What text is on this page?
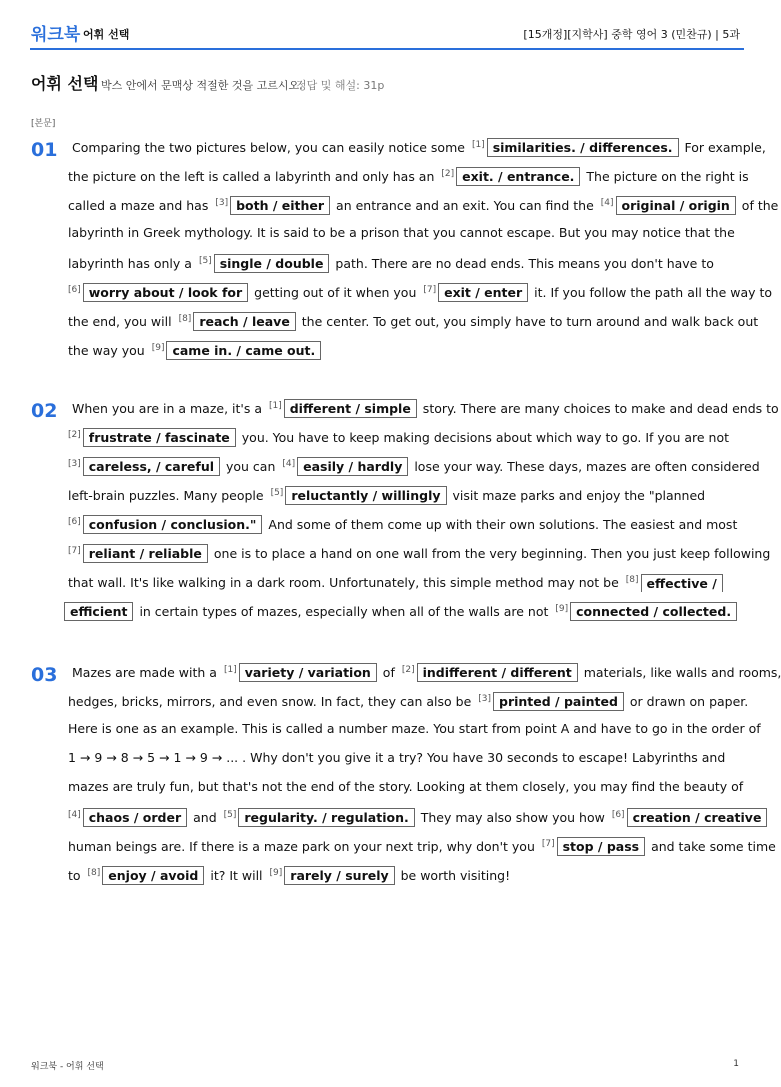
워크북 어휘 선택	[15개정][지학사] 중학 영어 3 (민찬규) | 5과
어휘 선택 박스 안에서 문맥상 적절한 것을 고르시오.
정답 및 해설: 31p
[본문]
01	Comparing the two pictures below, you can easily notice some [1] similarities. / differences. For example,
the picture on the left is called a labyrinth and only has an [2] exit. / entrance. The picture on the right is
called a maze and has [3] both / either an entrance and an exit. You can find the [4] original / origin of the
labyrinth in Greek mythology. It is said to be a prison that you cannot escape. But you may notice that the
labyrinth has only a [5] single / double path. There are no dead ends. This means you don't have to
[6] worry about / look for getting out of it when you [7] exit / enter it. If you follow the path all the way to
the end, you will [8] reach / leave the center. To get out, you simply have to turn around and walk back out
the way you [9] came in. / came out.
02	When you are in a maze, it's a [1] different / simple story. There are many choices to make and dead ends to
[2] frustrate / fascinate you. You have to keep making decisions about which way to go. If you are not
[3] careless, / careful you can [4] easily / hardly lose your way. These days, mazes are often considered
left-brain puzzles. Many people [5] reluctantly / willingly visit maze parks and enjoy the "planned
[6] confusion / conclusion." And some of them come up with their own solutions. The easiest and most
[7] reliant / reliable one is to place a hand on one wall from the very beginning. Then you just keep following
that wall. It's like walking in a dark room. Unfortunately, this simple method may not be [8] effective /
efficient in certain types of mazes, especially when all of the walls are not [9] connected / collected.
03	Mazes are made with a [1] variety / variation of [2] indifferent / different materials, like walls and rooms,
hedges, bricks, mirrors, and even snow. In fact, they can also be [3] printed / painted or drawn on paper.
Here is one as an example. This is called a number maze. You start from point A and have to go in the order of
1 → 9 → 8 → 5 → 1 → 9 → ... . Why don't you give it a try? You have 30 seconds to escape! Labyrinths and
mazes are truly fun, but that's not the end of the story. Looking at them closely, you may find the beauty of
[4] chaos / order and [5] regularity. / regulation. They may also show you how [6] creation / creative
human beings are. If there is a maze park on your next trip, why don't you [7] stop / pass and take some time
to [8] enjoy / avoid it? It will [9] rarely / surely be worth visiting!
워크북 - 어휘 선택	1
